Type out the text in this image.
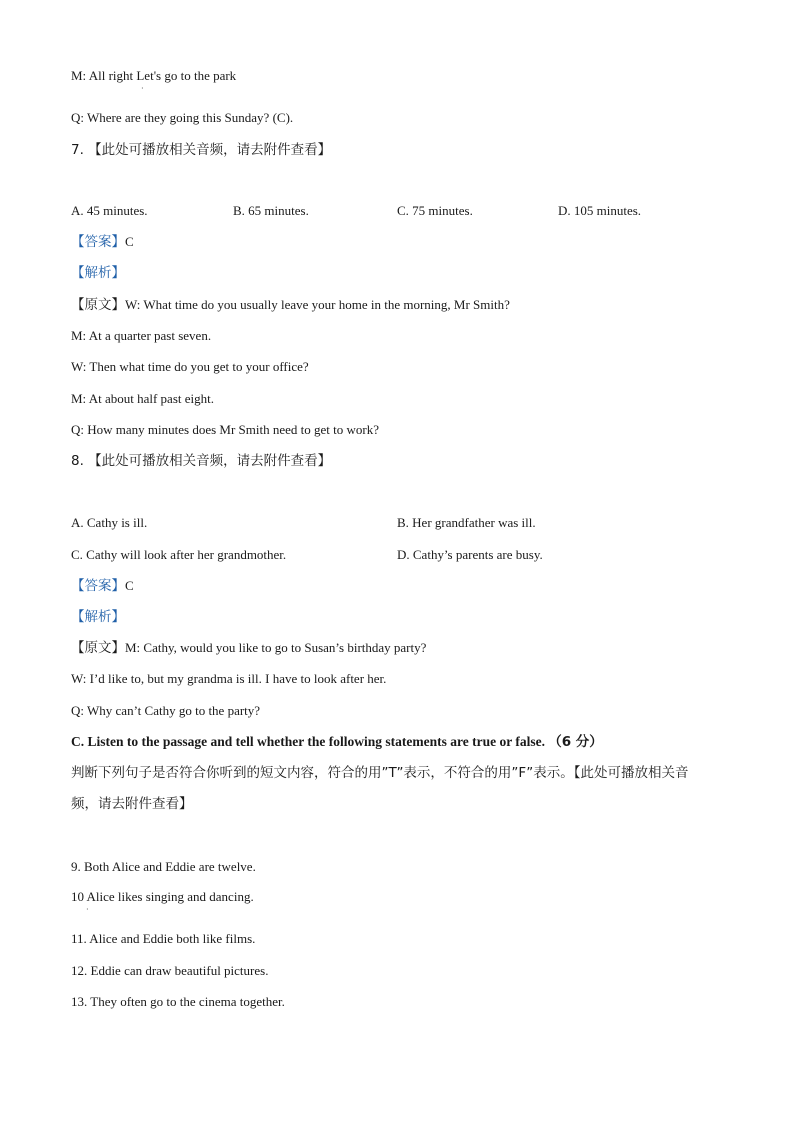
M: All right Let's go to the park
·
Q: Where are they going this Sunday? (C).
7. 【此处可播放相关音频，请去附件查看】
A. 45 minutes.	B. 65 minutes.	C. 75 minutes.	D. 105 minutes.
【答案】C
【解析】
【原文】W: What time do you usually leave your home in the morning, Mr Smith?
M: At a quarter past seven.
W: Then what time do you get to your office?
M: At about half past eight.
Q: How many minutes does Mr Smith need to get to work?
8. 【此处可播放相关音频，请去附件查看】
A. Cathy is ill.	B. Her grandfather was ill.
C. Cathy will look after her grandmother.	D. Cathy’s parents are busy.
【答案】C
【解析】
【原文】M: Cathy, would you like to go to Susan’s birthday party?
W: I’d like to, but my grandma is ill. I have to look after her.
Q: Why can’t Cathy go to the party?
C. Listen to the passage and tell whether the following statements are true or false. （6 分）
判断下列句子是否符合你听到的短文内容，符合的用”T”表示，不符合的用”F”表示。【此处可播放相关音
频，请去附件查看】
9. Both Alice and Eddie are twelve.
10 Alice likes singing and dancing.
·
11. Alice and Eddie both like films.
12. Eddie can draw beautiful pictures.
13. They often go to the cinema together.
